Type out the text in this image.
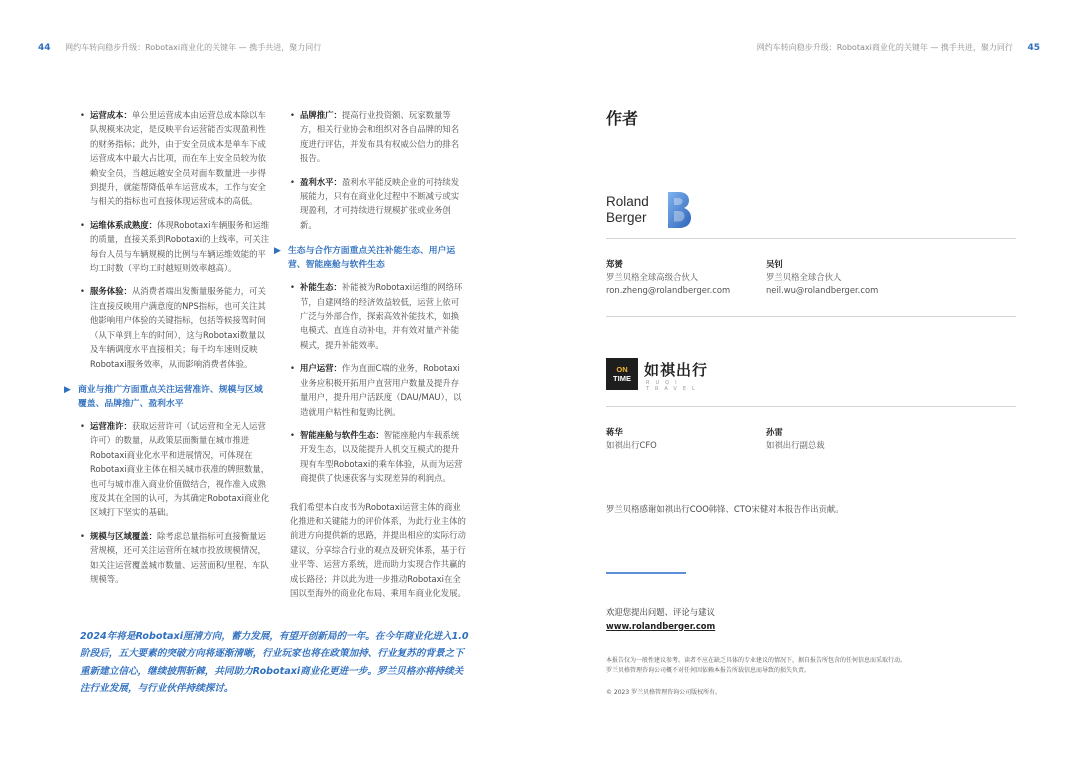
44 网约车转向稳步升级：Robotaxi商业化的关键年 — 携手共进，聚力同行	网约车转向稳步升级：Robotaxi商业化的关键年 — 携手共进，聚力同行 45
• 运营成本：单公里运营成本由运营总成本除以车队规模来决定，是反映平台运营能否实现盈利性的财务指标；此外，由于安全员成本是单车下成运营成本中最大占比项，而在车上安全员较为依赖安全员，当越远越安全员对面车数量进一步得到提升，就能帮降低单车运营成本，工作与安全与相关的指标也可直接体现运营成本的高低。
• 运维体系成熟度：体现Robotaxi车辆服务和运维的质量，直接关系到Robotaxi的上线率，可关注每台人员与车辆规模的比例与车辆运维效能的平均工时数（平均工时越短则效率越高）。
• 服务体验：从消费者端出发衡量服务能力，可关注直接反映用户满意度的NPS指标，也可关注其他影响用户体验的关键指标，包括等候接驾时间（从下单到上车的时间），这与Robotaxi数量以及车辆调度水平直接相关；每千均车速则反映Robotaxi服务效率，从而影响消费者体验。
▶ 商业与推广方面重点关注运营准许、规模与区域覆盖、品牌推广、盈利水平
• 运营准许：获取运营许可（试运营和全无人运营许可）的数量，从政策层面衡量在城市推进Robotaxi商业化水平和进展情况，可体现在Robotaxi商业主体在相关城市获准的牌照数量，也可与城市准入商业价值做结合，视作准入成熟度及其在全国的认可，为其确定Robotaxi商业化区域打下坚实的基础。
• 规模与区域覆盖：除考虑总量指标可直接衡量运营规模，还可关注运营所在城市投放规模情况，如关注运营覆盖城市数量、运营面积/里程、车队规模等。
• 品牌推广：提高行业投资额、玩家数量等方，相关行业协会和组织对各自品牌的知名度进行评估，并发布具有权威公信力的排名报告。
• 盈利水平：盈利水平能反映企业的可持续发展能力，只有在商业化过程中不断减亏或实现盈利，才可持续进行规模扩张或业务创新。
▶ 生态与合作方面重点关注补能生态、用户运营、智能座舱与软件生态
• 补能生态：补能被为Robotaxi运维的网络环节，自建网络的经济效益较低，运营上依可广泛与外部合作，探索高效补能技术，如换电模式、直连自动补电，并有效对量产补能模式，提升补能效率。
• 用户运营：作为直面C端的业务，Robotaxi业务应积极开拓用户直营用户数量及提升存量用户，提升用户活跃度（DAU/MAU），以造就用户粘性和复购比例。
• 智能座舱与软件生态：智能座舱内车载系统开发生态，以及能提升人机交互模式的提升现有车型Robotaxi的乘车体验，从而为运营商提供了快速获客与实现差异的利润点。

我们希望本白皮书为Robotaxi运营主体的商业化推进和关键能力的评价体系，为此行业主体的前进方向提供新的思路，并提出相应的实际行动建议，分享综合行业的观点及研究体系，基于行业平等、运营方系统，进而助力实现合作共赢的成长路径；并以此为进一步推动Robotaxi在全国以至海外的商业化布局、乘用车商业化发展。

2024年将是Robotaxi厘清方向，蓄力发展，有望开创新局的一年。在今年商业化进入1.0阶段后，五大要素的突破方向将逐渐清晰，行业玩家也将在政策加持、行业复苏的背景之下重新建立信心，继续披荆斩棘，共同助力Robotaxi商业化更进一步。罗兰贝格亦将持续关注行业发展，与行业伙伴持续探讨。
作者
Roland
Berger
郑赟
罗兰贝格全球高级合伙人
ron.zheng@rolandberger.com
吴钊
罗兰贝格全球合伙人
neil.wu@rolandberger.com
ON
TIME 如祺出行
RUQI TRAVEL
蒋华
如祺出行CFO
孙雷
如祺出行副总裁
罗兰贝格感谢如祺出行COO韩锋、CTO宋健对本报告作出贡献。
欢迎您提出问题、评论与建议
www.rolandberger.com
本报告仅为一般性建议参考。读者不应在缺乏具体的专业建议的情况下，据自报告所包含的任何信息而采取行动。罗兰贝格管理咨询公司概不对任何因依赖本报告所载信息而导致的损失负责。
© 2023 罗兰贝格管理咨询公司版权所有。
